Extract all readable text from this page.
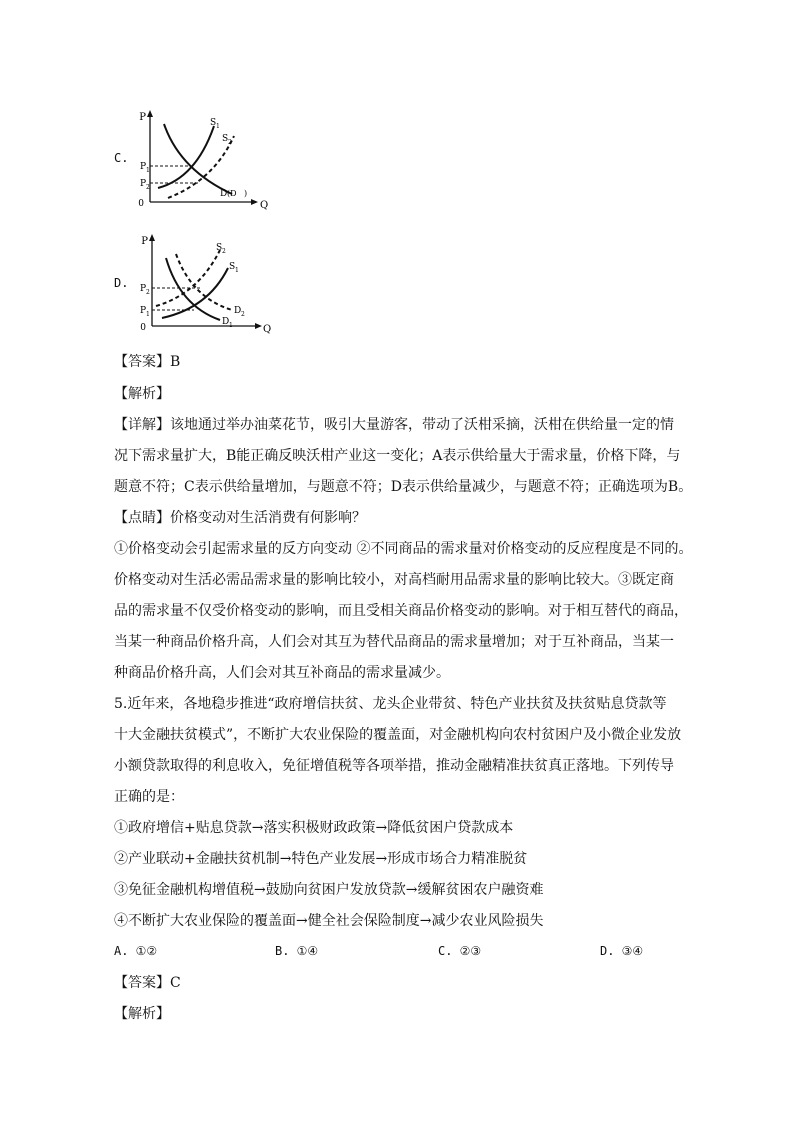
C.
P
Q
0
P 1
P 2
S 1
S 2
D (D )
D.
P
Q
0
P 2
P 1
S 2
S 1
D 2
D 1
【答案】B
【解析】
【详解】该地通过举办油菜花节，吸引大量游客，带动了沃柑采摘，沃柑在供给量一定的情
况下需求量扩大，B能正确反映沃柑产业这一变化；A表示供给量大于需求量，价格下降，与
题意不符；C表示供给量增加，与题意不符；D表示供给量减少，与题意不符；正确选项为B。
【点睛】价格变动对生活消费有何影响？
①价格变动会引起需求量的反方向变动 ②不同商品的需求量对价格变动的反应程度是不同的。
价格变动对生活必需品需求量的影响比较小，对高档耐用品需求量的影响比较大。③既定商
品的需求量不仅受价格变动的影响，而且受相关商品价格变动的影响。对于相互替代的商品，
当某一种商品价格升高，人们会对其互为替代品商品的需求量增加；对于互补商品，当某一
种商品价格升高，人们会对其互补商品的需求量减少。
5.近年来，各地稳步推进“政府增信扶贫、龙头企业带贫、特色产业扶贫及扶贫贴息贷款等
十大金融扶贫模式”，不断扩大农业保险的覆盖面，对金融机构向农村贫困户及小微企业发放
小额贷款取得的利息收入，免征增值税等各项举措，推动金融精准扶贫真正落地。下列传导
正确的是：
①政府增信+贴息贷款→落实积极财政政策→降低贫困户贷款成本
②产业联动+金融扶贫机制→特色产业发展→形成市场合力精准脱贫
③免征金融机构增值税→鼓励向贫困户发放贷款→缓解贫困农户融资难
④不断扩大农业保险的覆盖面→健全社会保险制度→减少农业风险损失
A. ①②	B. ①④	C. ②③	D. ③④
【答案】C
【解析】
